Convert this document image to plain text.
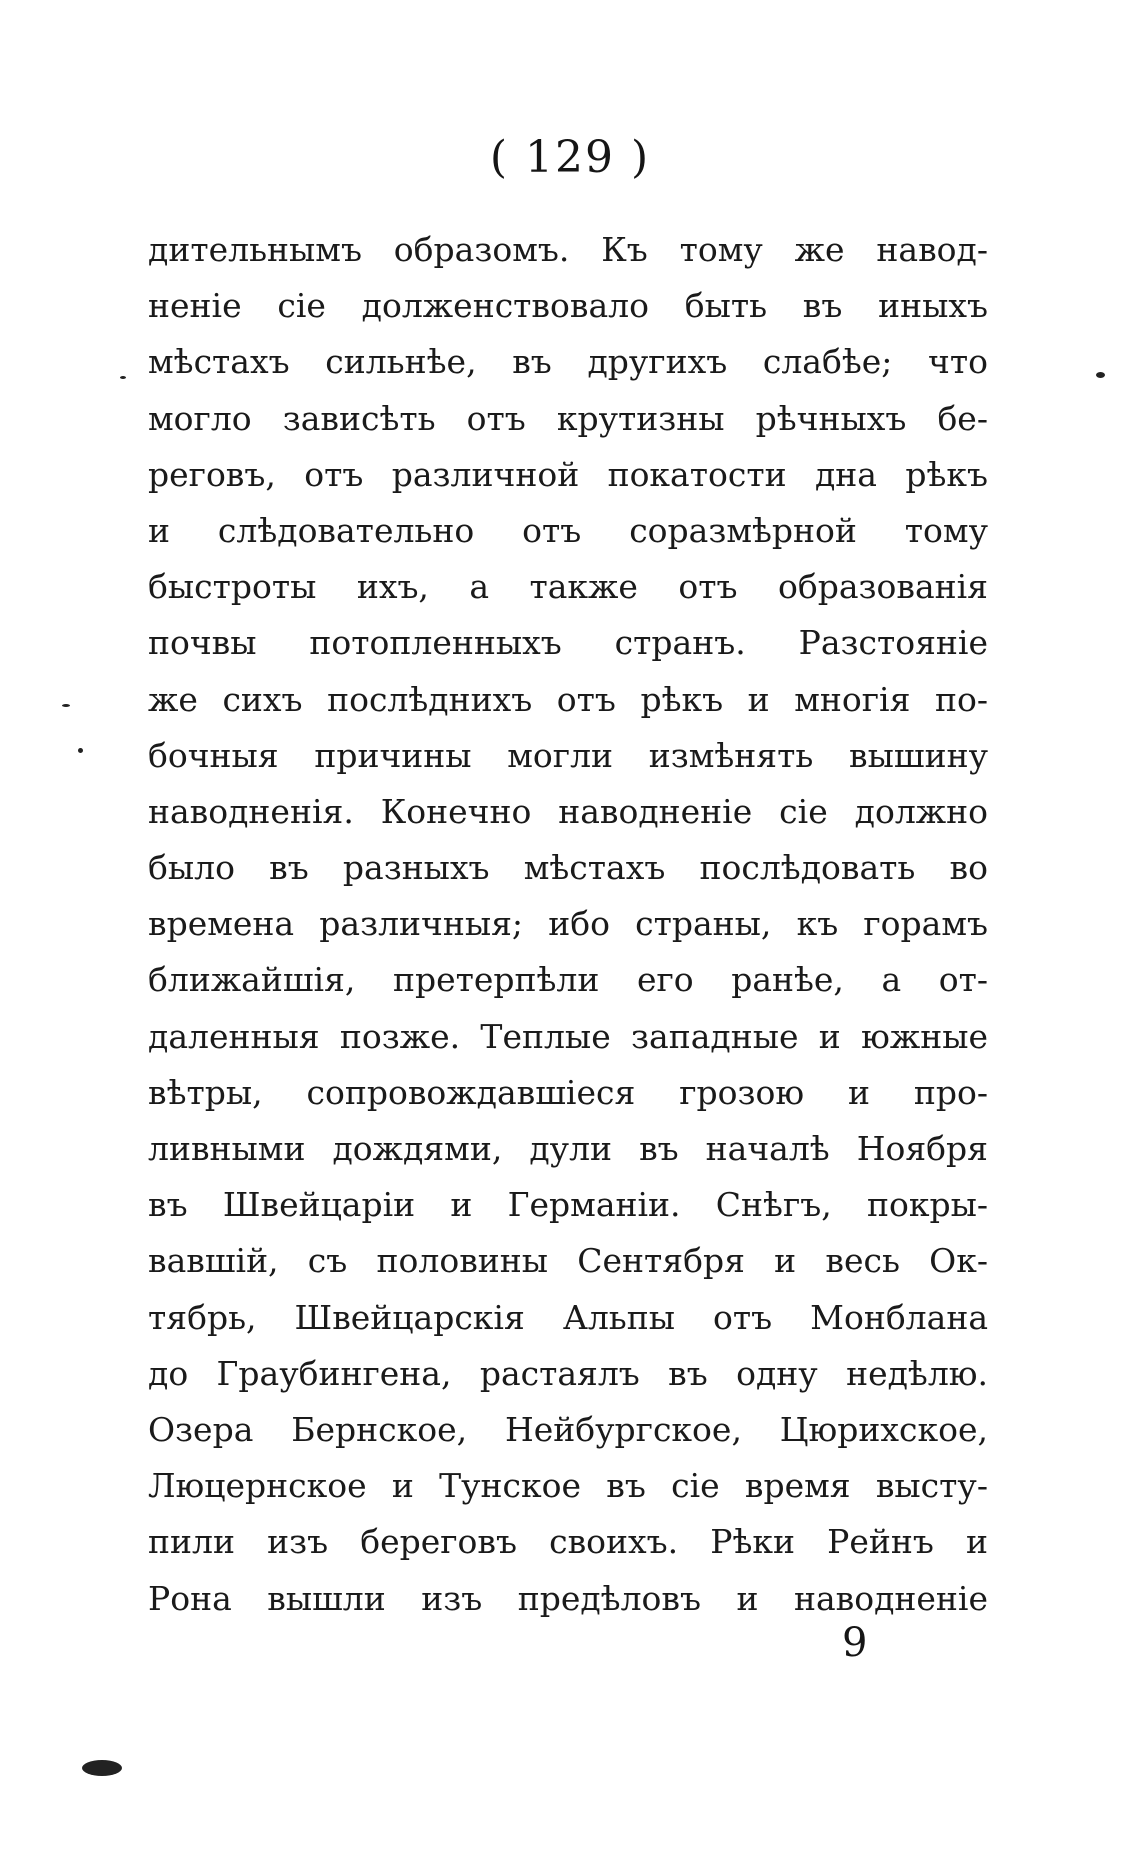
( 129 )
дительнымъ образомъ. Къ тому же навод-
неніе сіе долженствовало быть въ иныхъ
мѣстахъ сильнѣе, въ другихъ слабѣе; что
могло зависѣть отъ крутизны рѣчныхъ бе-
реговъ, отъ различной покатости дна рѣкъ
и слѣдовательно отъ соразмѣрной тому
быстроты ихъ, а также отъ образованія
почвы потопленныхъ странъ. Разстояніе
же сихъ послѣднихъ отъ рѣкъ и многія по-
бочныя причины могли измѣнять вышину
наводненія. Конечно наводненіе сіе должно
было въ разныхъ мѣстахъ послѣдовать во
времена различныя; ибо страны, къ горамъ
ближайшія, претерпѣли его ранѣе, а от-
даленныя позже. Теплые западные и южные
вѣтры, сопровождавшіеся грозою и про-
ливными дождями, дули въ началѣ Ноября
въ Швейцаріи и Германіи. Снѣгъ, покры-
вавшій, съ половины Сентября и весь Ок-
тябрь, Швейцарскія Альпы отъ Монблана
до Граубингена, растаялъ въ одну недѣлю.
Озера Бернское, Нейбургское, Цюрихское,
Люцернское и Тунское въ сіе время высту-
пили изъ береговъ своихъ. Рѣки Рейнъ и
Рона вышли изъ предѣловъ и наводненіе
9
